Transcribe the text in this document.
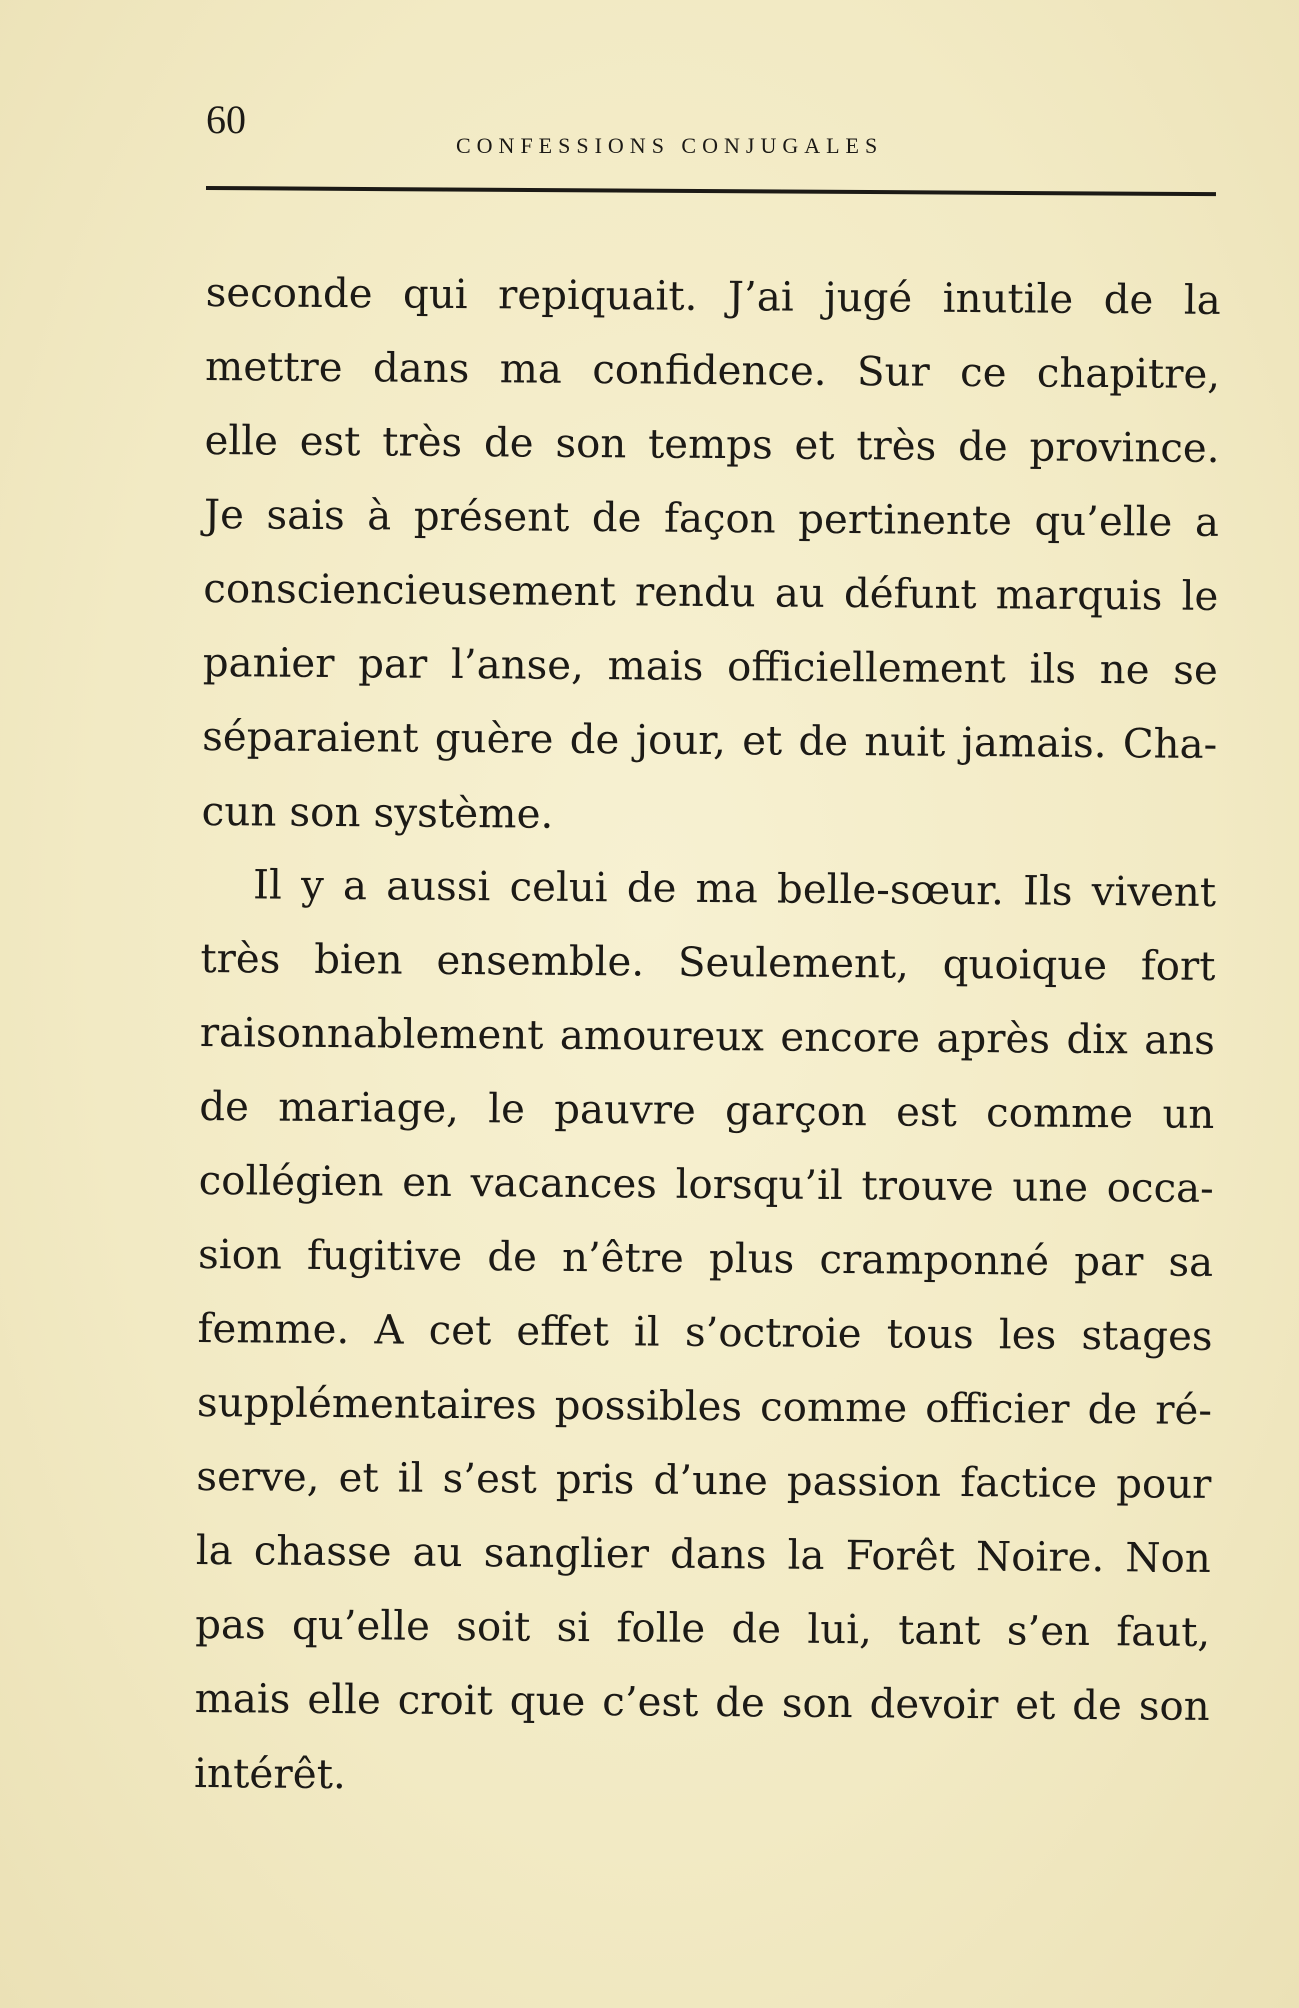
60
CONFESSIONS CONJUGALES
seconde qui repiquait. J’ai jugé inutile de la
mettre dans ma confidence. Sur ce chapitre,
elle est très de son temps et très de province.
Je sais à présent de façon pertinente qu’elle a
consciencieusement rendu au défunt marquis le
panier par l’anse, mais officiellement ils ne se
séparaient guère de jour, et de nuit jamais. Cha-
cun son système.
Il y a aussi celui de ma belle-sœur. Ils vivent
très bien ensemble. Seulement, quoique fort
raisonnablement amoureux encore après dix ans
de mariage, le pauvre garçon est comme un
collégien en vacances lorsqu’il trouve une occa-
sion fugitive de n’être plus cramponné par sa
femme. A cet effet il s’octroie tous les stages
supplémentaires possibles comme officier de ré-
serve, et il s’est pris d’une passion factice pour
la chasse au sanglier dans la Forêt Noire. Non
pas qu’elle soit si folle de lui, tant s’en faut,
mais elle croit que c’est de son devoir et de son
intérêt.
